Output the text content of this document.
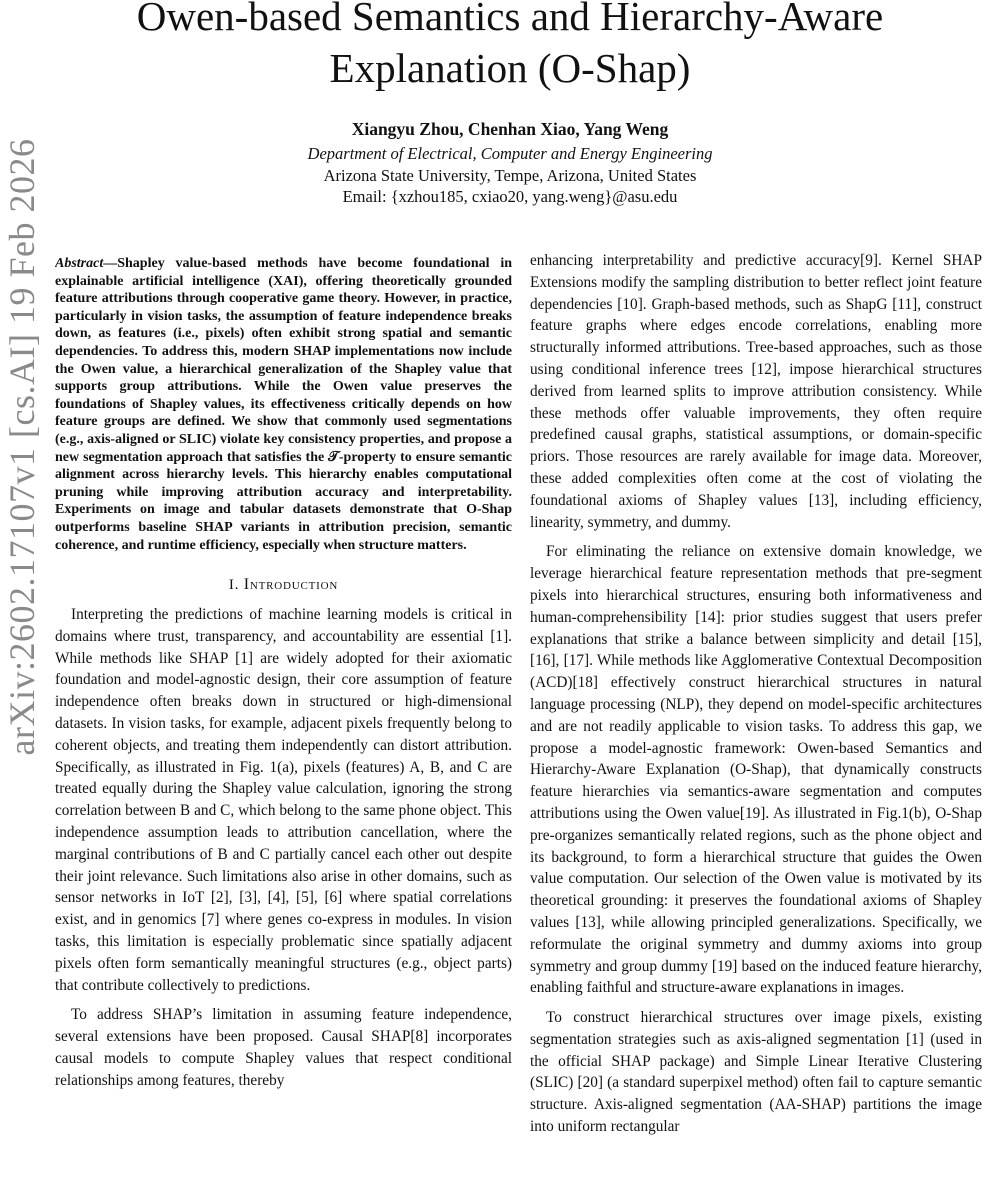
arXiv:2602.17107v1 [cs.AI] 19 Feb 2026
Owen-based Semantics and Hierarchy-Aware
Explanation (O-Shap)
Xiangyu Zhou, Chenhan Xiao, Yang Weng
Department of Electrical, Computer and Energy Engineering
Arizona State University, Tempe, Arizona, United States
Email: {xzhou185, cxiao20, yang.weng}@asu.edu

Abstract—Shapley value-based methods have become foundational in explainable artificial intelligence (XAI), offering theoretically grounded feature attributions through cooperative game theory. However, in practice, particularly in vision tasks, the assumption of feature independence breaks down, as features (i.e., pixels) often exhibit strong spatial and semantic dependencies. To address this, modern SHAP implementations now include the Owen value, a hierarchical generalization of the Shapley value that supports group attributions. While the Owen value preserves the foundations of Shapley values, its effectiveness critically depends on how feature groups are defined. We show that commonly used segmentations (e.g., axis-aligned or SLIC) violate key consistency properties, and propose a new segmentation approach that satisfies the 𝒯-property to ensure semantic alignment across hierarchy levels. This hierarchy enables computational pruning while improving attribution accuracy and interpretability. Experiments on image and tabular datasets demonstrate that O-Shap outperforms baseline SHAP variants in attribution precision, semantic coherence, and runtime efficiency, especially when structure matters.

I. Introduction

Interpreting the predictions of machine learning models is critical in domains where trust, transparency, and accountability are essential [1]. While methods like SHAP [1] are widely adopted for their axiomatic foundation and model-agnostic design, their core assumption of feature independence often breaks down in structured or high-dimensional datasets. In vision tasks, for example, adjacent pixels frequently belong to coherent objects, and treating them independently can distort attribution. Specifically, as illustrated in Fig. 1(a), pixels (features) A, B, and C are treated equally during the Shapley value calculation, ignoring the strong correlation between B and C, which belong to the same phone object. This independence assumption leads to attribution cancellation, where the marginal contributions of B and C partially cancel each other out despite their joint relevance. Such limitations also arise in other domains, such as sensor networks in IoT [2], [3], [4], [5], [6] where spatial correlations exist, and in genomics [7] where genes co-express in modules. In vision tasks, this limitation is especially problematic since spatially adjacent pixels often form semantically meaningful structures (e.g., object parts) that contribute collectively to predictions.

To address SHAP’s limitation in assuming feature independence, several extensions have been proposed. Causal SHAP[8] incorporates causal models to compute Shapley values that respect conditional relationships among features, thereby

enhancing interpretability and predictive accuracy[9]. Kernel SHAP Extensions modify the sampling distribution to better reflect joint feature dependencies [10]. Graph-based methods, such as ShapG [11], construct feature graphs where edges encode correlations, enabling more structurally informed attributions. Tree-based approaches, such as those using conditional inference trees [12], impose hierarchical structures derived from learned splits to improve attribution consistency. While these methods offer valuable improvements, they often require predefined causal graphs, statistical assumptions, or domain-specific priors. Those resources are rarely available for image data. Moreover, these added complexities often come at the cost of violating the foundational axioms of Shapley values [13], including efficiency, linearity, symmetry, and dummy.

For eliminating the reliance on extensive domain knowledge, we leverage hierarchical feature representation methods that pre-segment pixels into hierarchical structures, ensuring both informativeness and human-comprehensibility [14]: prior studies suggest that users prefer explanations that strike a balance between simplicity and detail [15], [16], [17]. While methods like Agglomerative Contextual Decomposition (ACD)[18] effectively construct hierarchical structures in natural language processing (NLP), they depend on model-specific architectures and are not readily applicable to vision tasks. To address this gap, we propose a model-agnostic framework: Owen-based Semantics and Hierarchy-Aware Explanation (O-Shap), that dynamically constructs feature hierarchies via semantics-aware segmentation and computes attributions using the Owen value[19]. As illustrated in Fig.1(b), O-Shap pre-organizes semantically related regions, such as the phone object and its background, to form a hierarchical structure that guides the Owen value computation. Our selection of the Owen value is motivated by its theoretical grounding: it preserves the foundational axioms of Shapley values [13], while allowing principled generalizations. Specifically, we reformulate the original symmetry and dummy axioms into group symmetry and group dummy [19] based on the induced feature hierarchy, enabling faithful and structure-aware explanations in images.

To construct hierarchical structures over image pixels, existing segmentation strategies such as axis-aligned segmentation [1] (used in the official SHAP package) and Simple Linear Iterative Clustering (SLIC) [20] (a standard superpixel method) often fail to capture semantic structure. Axis-aligned segmentation (AA-SHAP) partitions the image into uniform rectangular
